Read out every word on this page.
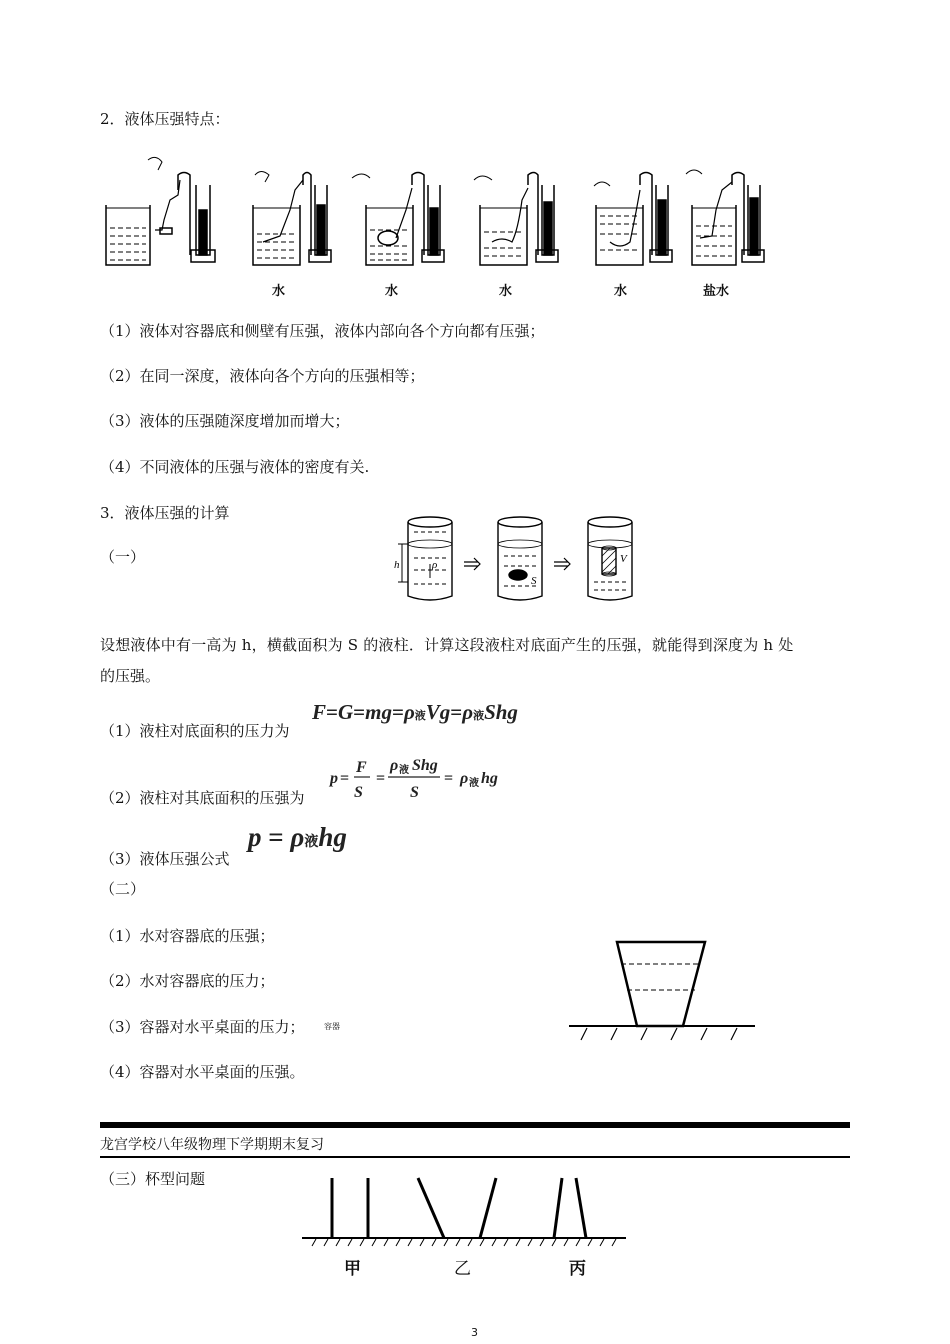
2．液体压强特点：
水	水	水	水	盐水
（1）液体对容器底和侧壁有压强，液体内部向各个方向都有压强；
（2）在同一深度，液体向各个方向的压强相等；
（3）液体的压强随深度增加而增大；
（4）不同液体的压强与液体的密度有关.
3．液体压强的计算
（一）	h	ρ
S
V
设想液体中有一高为 h，横截面积为 S 的液柱．计算这段液柱对底面产生的压强，就能得到深度为 h 处
的压强。
（1）液柱对底面积的压力为
F=G=mg=ρ液Vg=ρ液Shg
（2）液柱对其底面积的压强为
p =
F
S
=
ρ 液 Shg
S
= ρ 液 hg
（3）液体压强公式
p = ρ液hg
（二）
（1）水对容器底的压强；
（2）水对容器底的压力；
（3）容器对水平桌面的压力； 容器
（4）容器对水平桌面的压强。
龙宫学校八年级物理下学期期末复习
（三）杯型问题
甲	乙	丙
3
